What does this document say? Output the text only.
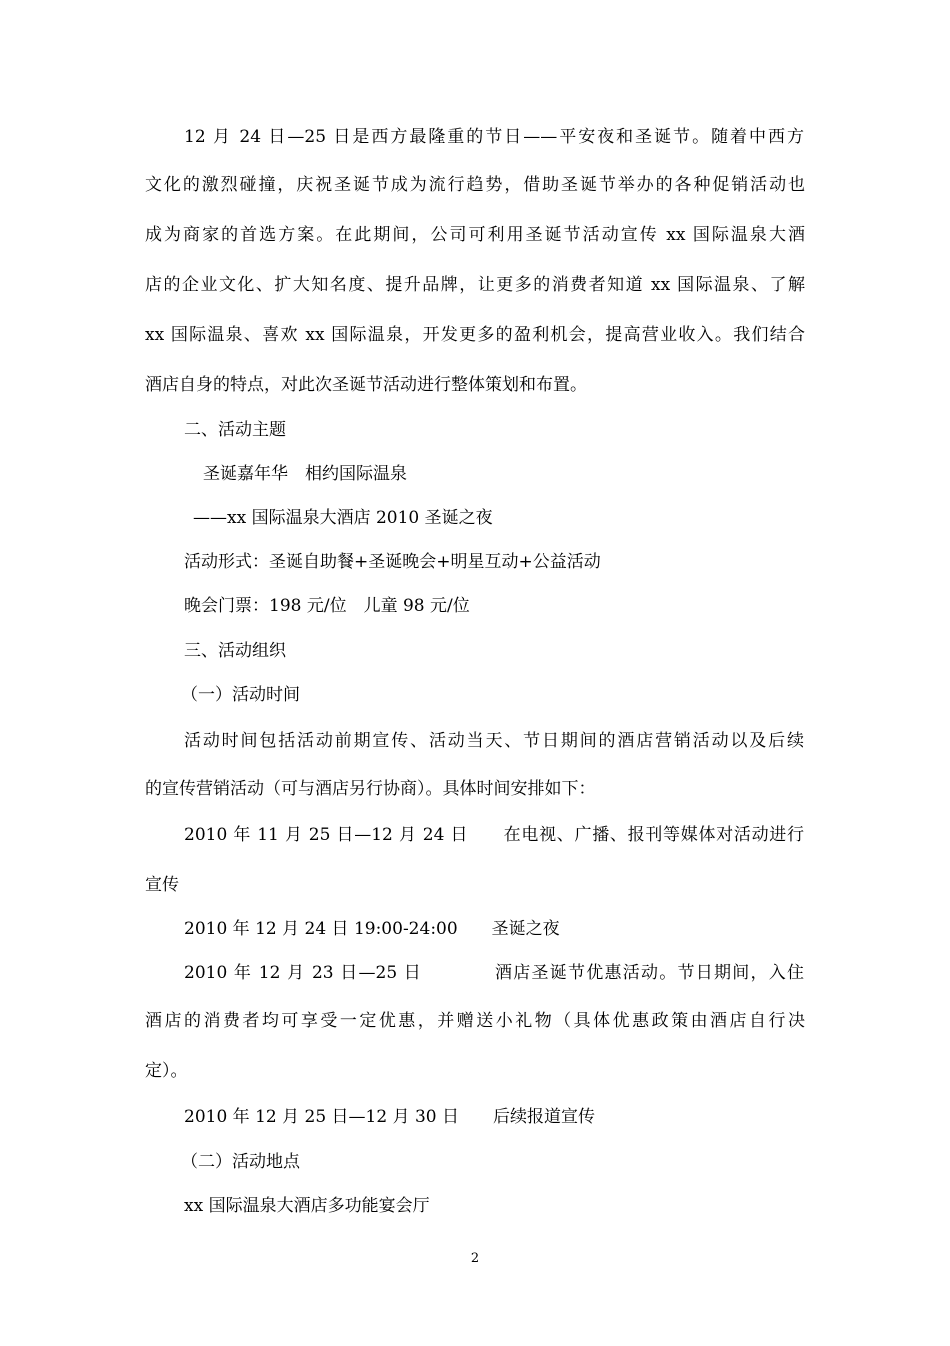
12 月 24 日—25 日是西方最隆重的节日——平安夜和圣诞节。随着中西方
文化的激烈碰撞，庆祝圣诞节成为流行趋势，借助圣诞节举办的各种促销活动也
成为商家的首选方案。在此期间，公司可利用圣诞节活动宣传 xx 国际温泉大酒
店的企业文化、扩大知名度、提升品牌，让更多的消费者知道 xx 国际温泉、了解
xx 国际温泉、喜欢 xx 国际温泉，开发更多的盈利机会，提高营业收入。我们结合
酒店自身的特点，对此次圣诞节活动进行整体策划和布置。
二、活动主题
圣诞嘉年华　相约国际温泉
——xx 国际温泉大酒店 2010 圣诞之夜
活动形式：圣诞自助餐+圣诞晚会+明星互动+公益活动
晚会门票：198 元/位　儿童 98 元/位
三、活动组织
（一）活动时间
活动时间包括活动前期宣传、活动当天、节日期间的酒店营销活动以及后续
的宣传营销活动（可与酒店另行协商）。具体时间安排如下：
2010 年 11 月 25 日—12 月 24 日　　在电视、广播、报刊等媒体对活动进行
宣传
2010 年 12 月 24 日 19:00-24:00　　圣诞之夜
2010 年 12 月 23 日—25 日　　　　酒店圣诞节优惠活动。节日期间，入住
酒店的消费者均可享受一定优惠，并赠送小礼物（具体优惠政策由酒店自行决
定）。
2010 年 12 月 25 日—12 月 30 日　　后续报道宣传
（二）活动地点
xx 国际温泉大酒店多功能宴会厅
2
